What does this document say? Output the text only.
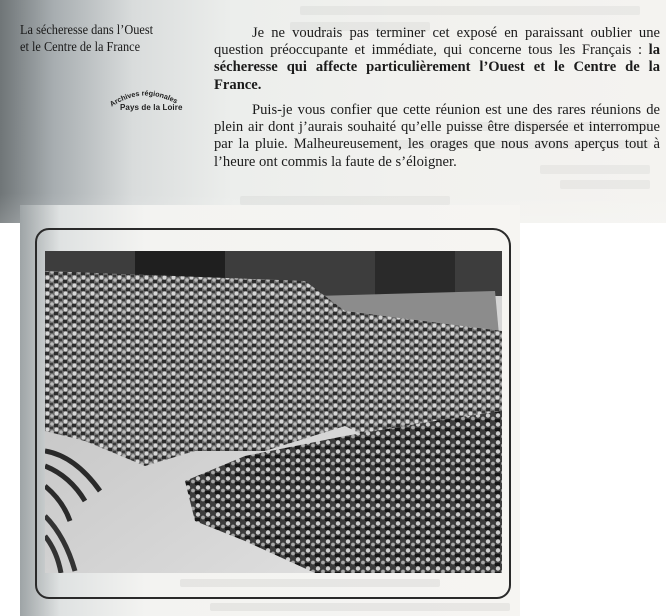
La sécheresse dans l’Ouest
et le Centre de la France
Archives régionales
Pays de la Loire

Je ne voudrais pas terminer cet exposé en paraissant oublier une question préoccupante et immédiate, qui concerne tous les Français : la sécheresse qui affecte particulièrement l’Ouest et le Centre de la France.

Puis-je vous confier que cette réunion est une des rares réunions de plein air dont j’aurais souhaité qu’elle puisse être dispersée et interrompue par la pluie. Malheureusement, les orages que nous avons aperçus tout à l’heure ont commis la faute de s’éloigner.
